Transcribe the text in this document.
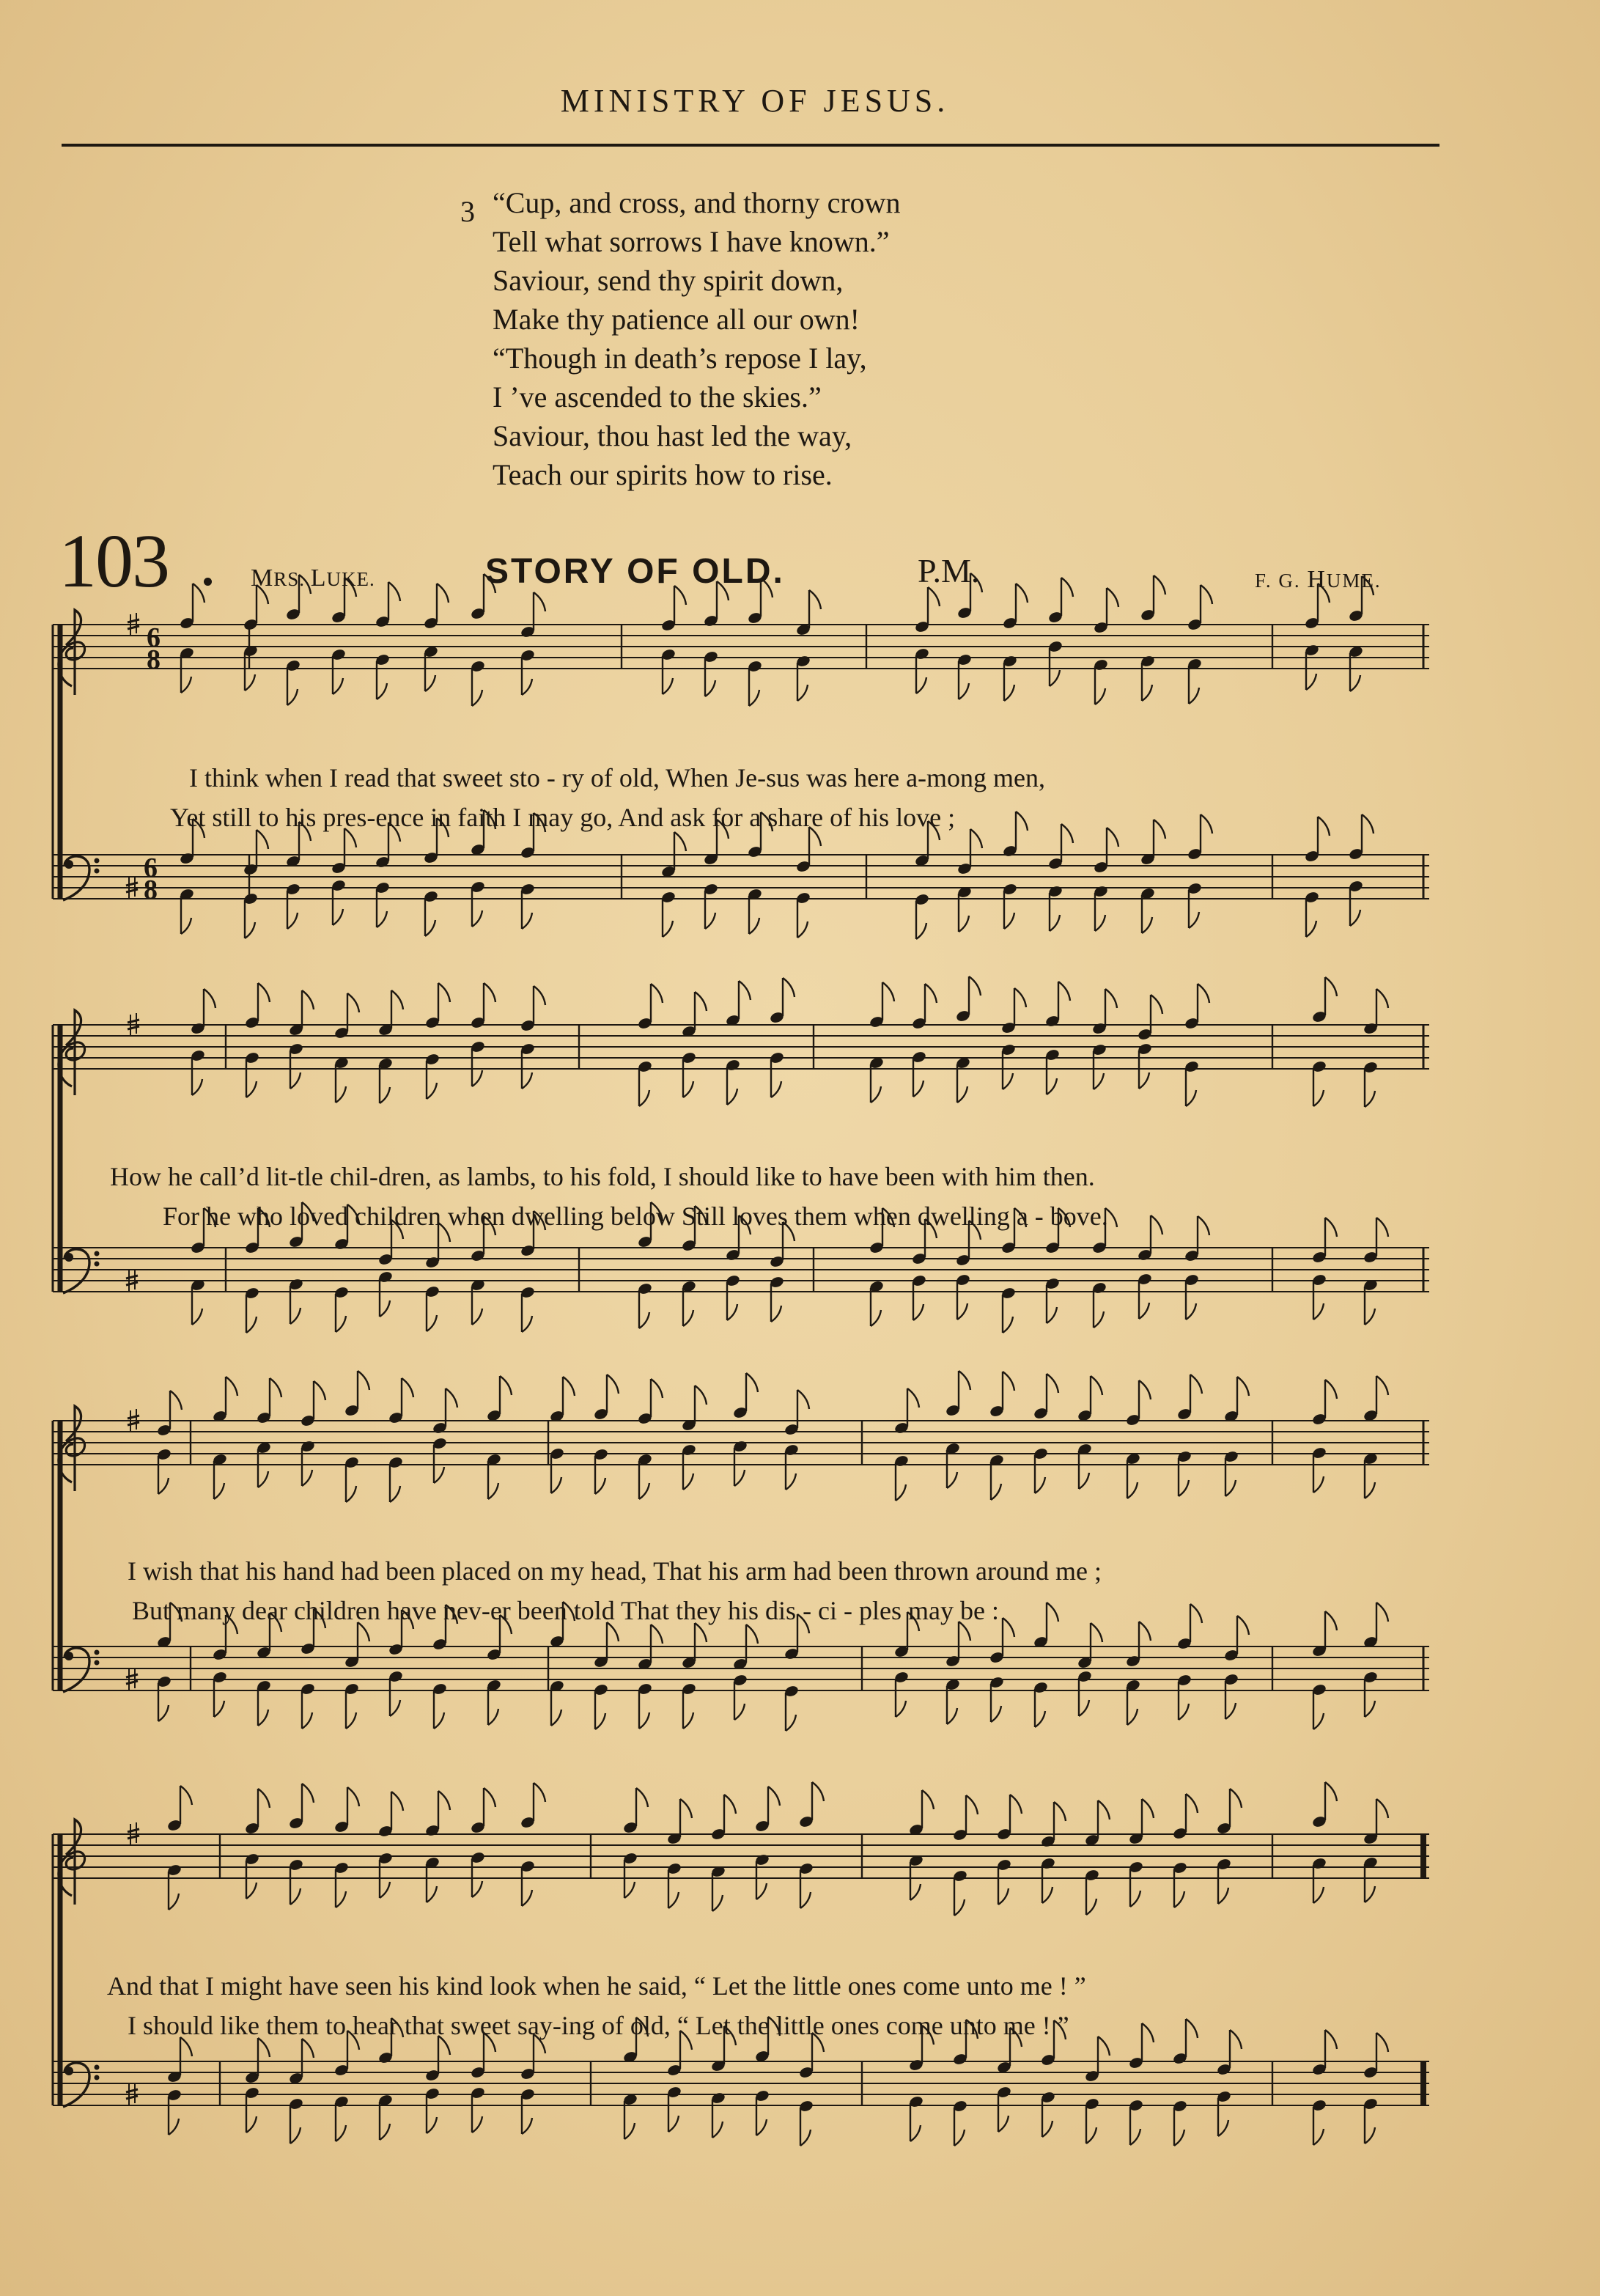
MINISTRY OF JESUS.
3 “Cup, and cross, and thorny crown
Tell what sorrows I have known.”
Saviour, send thy spirit down,
Make thy patience all our own!
“Though in death’s repose I lay,
I ’ve ascended to the skies.”
Saviour, thou hast led the way,
Teach our spirits how to rise.
103	MRS. LUKE.	STORY OF OLD.	P.M.	F. G. HUME.
6
8
6
8
I think when I read that sweet sto - ry of old, When Je-sus was here a-mong men,
Yet still to his pres-ence in faith I may go, And ask for a share of his love ;
How he call’d lit-tle chil-dren, as lambs, to his fold, I should like to have been with him then.
For he who loved children when dwelling below Still loves them when dwelling a - bove.
I wish that his hand had been placed on my head, That his arm had been thrown around me ;
But many dear children have nev-er been told That they his dis - ci - ples may be :
And that I might have seen his kind look when he said, “ Let the little ones come unto me ! ”
I should like them to hear that sweet say-ing of old, “ Let the little ones come unto me ! ”
